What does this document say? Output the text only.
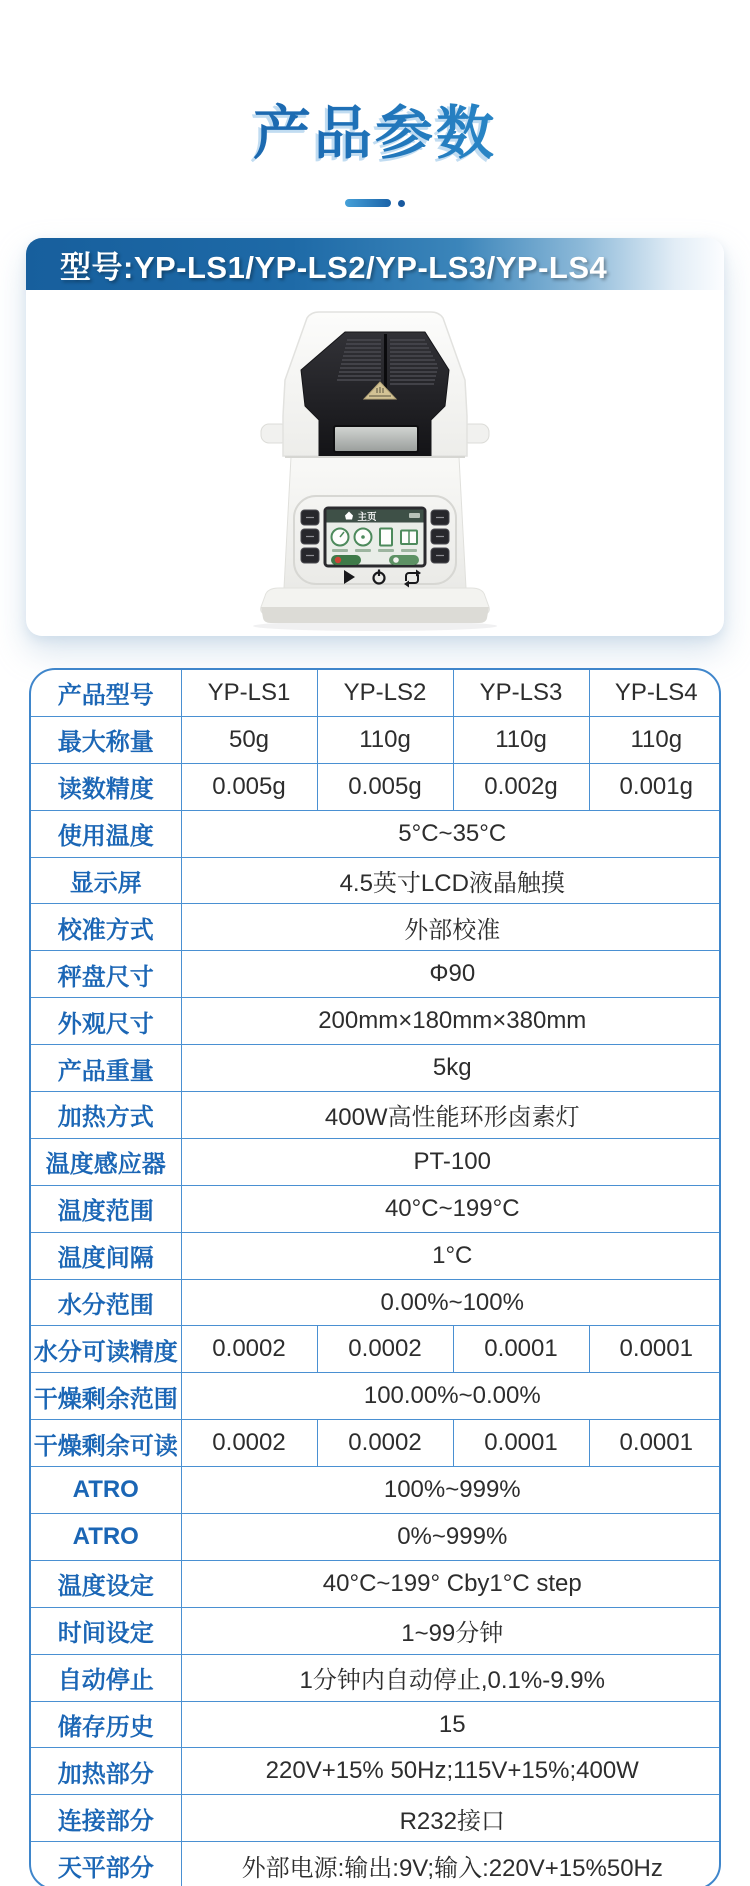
产品参数
型号:YP-LS1/YP-LS2/YP-LS3/YP-LS4
主页
产品型号	YP-LS1	YP-LS2	YP-LS3	YP-LS4
最大称量	50g	110g	110g	110g
读数精度	0.005g	0.005g	0.002g	0.001g
使用温度	5°C~35°C			
显示屏	4.5英寸LCD液晶触摸			
校准方式	外部校准			
秤盘尺寸	Φ90			
外观尺寸	200mm×180mm×380mm			
产品重量	5kg			
加热方式	400W高性能环形卤素灯			
温度感应器	PT-100			
温度范围	40°C~199°C			
温度间隔	1°C			
水分范围	0.00%~100%			
水分可读精度	0.0002	0.0002	0.0001	0.0001
干燥剩余范围	100.00%~0.00%			
干燥剩余可读	0.0002	0.0002	0.0001	0.0001
ATRO	100%~999%			
ATRO	0%~999%			
温度设定	40°C~199° Cby1°C step			
时间设定	1~99分钟			
自动停止	1分钟内自动停止,0.1%-9.9%			
储存历史	15			
加热部分	220V+15% 50Hz;115V+15%;400W			
连接部分	R232接口			
天平部分	外部电源:输出:9V;输入:220V+15%50Hz			
